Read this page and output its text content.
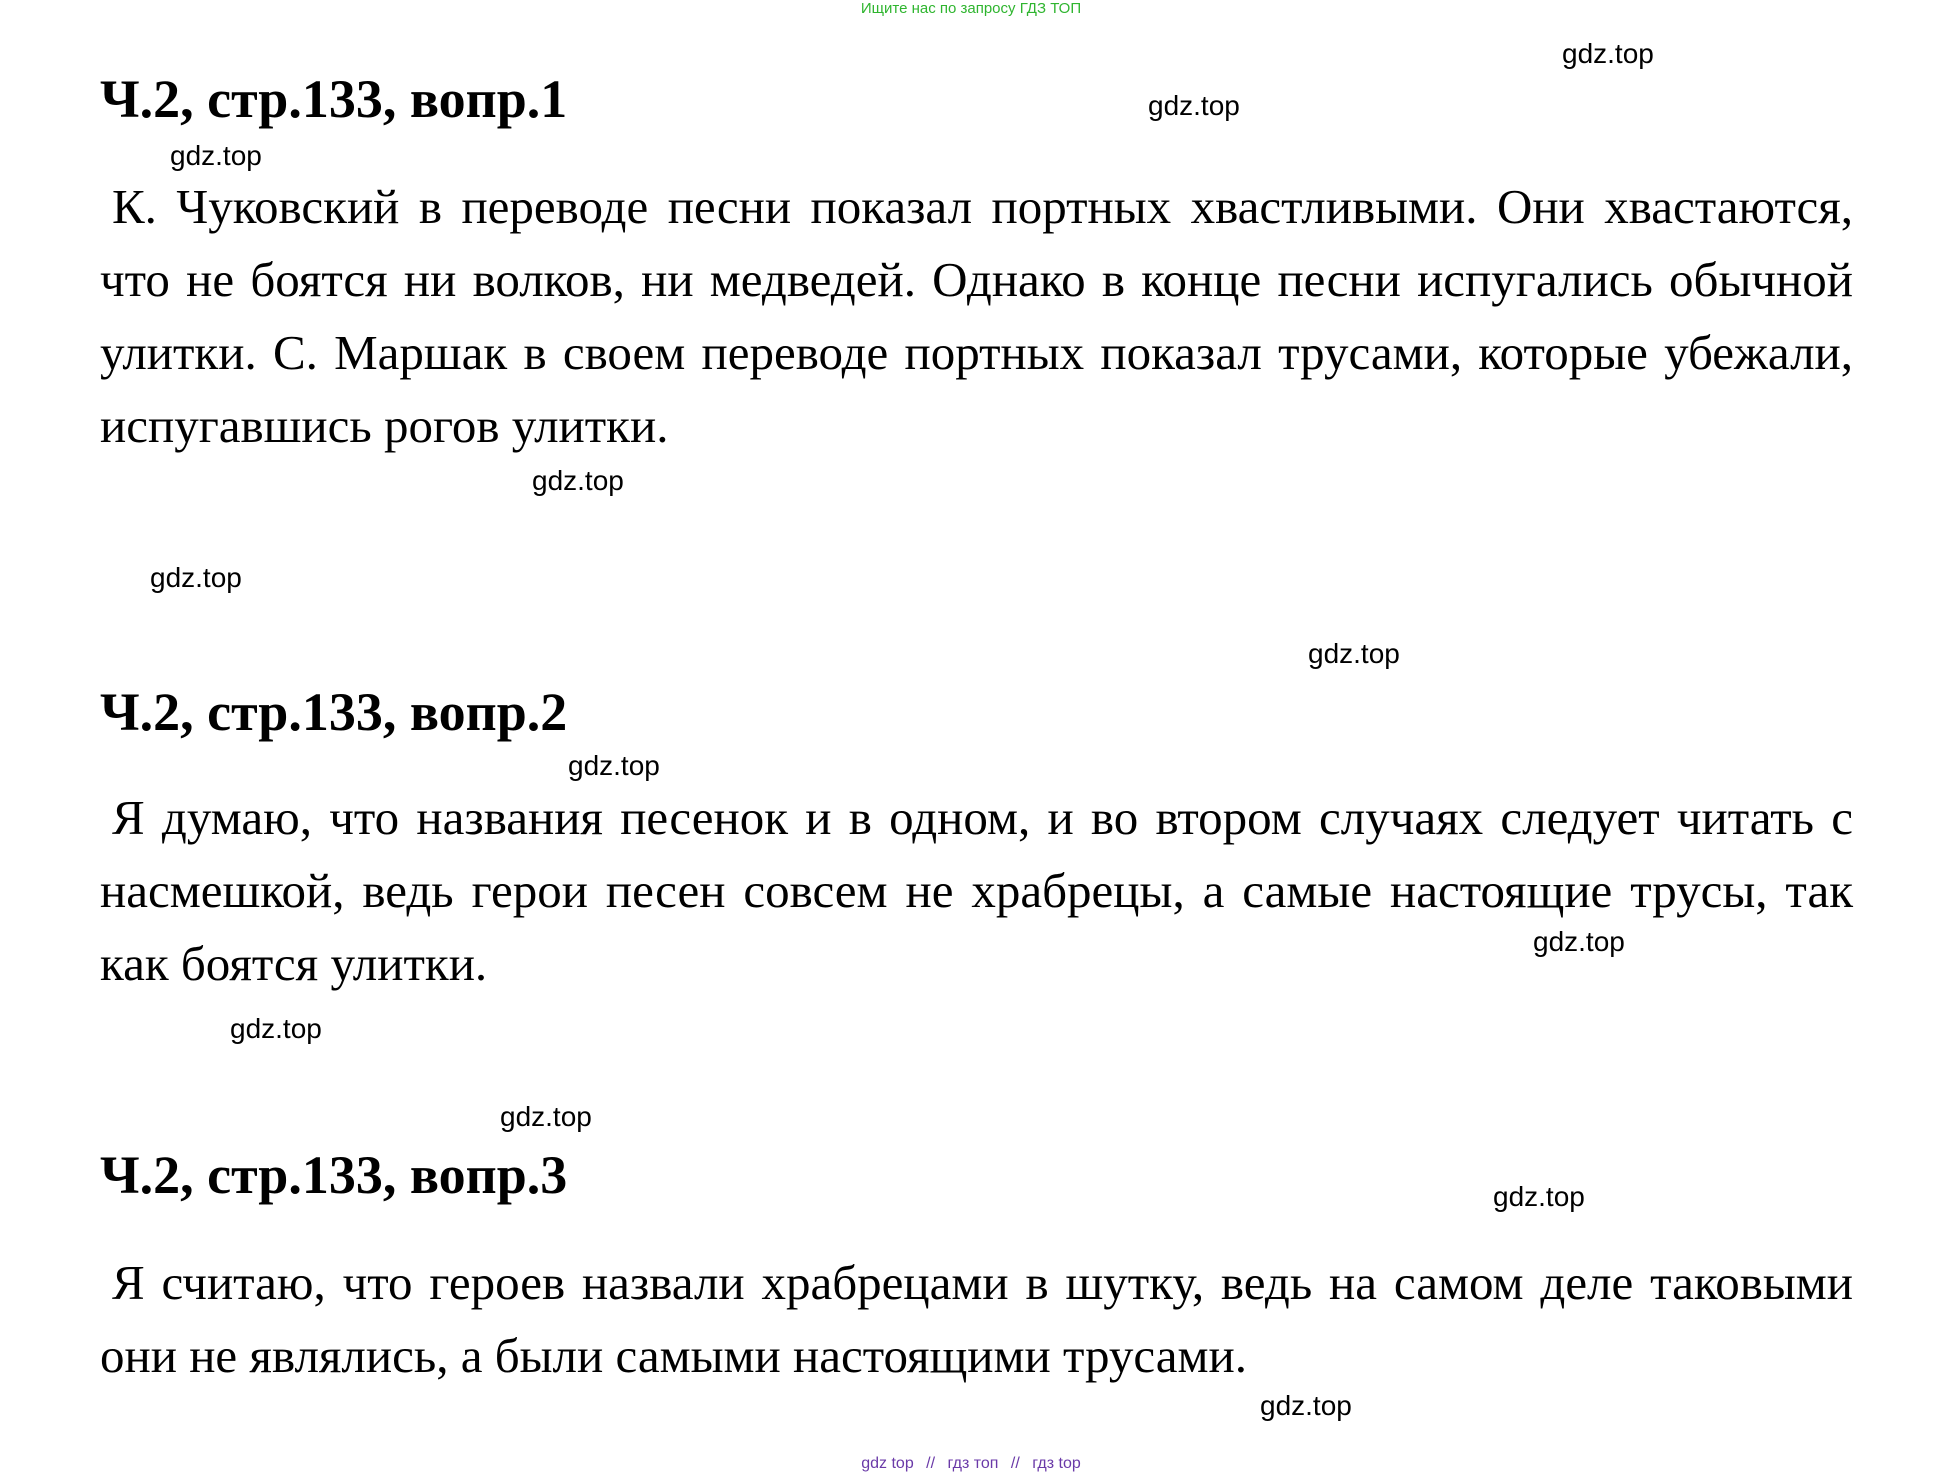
Ищите нас по запросу ГДЗ ТОП
Ч.2, стр.133, вопр.1

К. Чуковский в переводе песни показал портных хвастливыми. Они хвастаются, что не боятся ни волков, ни медведей. Однако в конце песни испугались обычной улитки. С. Маршак в своем переводе портных показал трусами, которые убежали, испугавшись рогов улитки.

Ч.2, стр.133, вопр.2

Я думаю, что названия песенок и в одном, и во втором случаях следует читать с насмешкой, ведь герои песен совсем не храбрецы, а самые настоящие трусы, так как боятся улитки.

Ч.2, стр.133, вопр.3

Я считаю, что героев назвали храбрецами в шутку, ведь на самом деле таковыми они не являлись, а были самыми настоящими трусами.

gdz.top
gdz.top
gdz.top
gdz.top
gdz.top
gdz.top
gdz.top
gdz.top
gdz.top
gdz.top
gdz.top
gdz.top
gdz top // гдз топ // гдз top
